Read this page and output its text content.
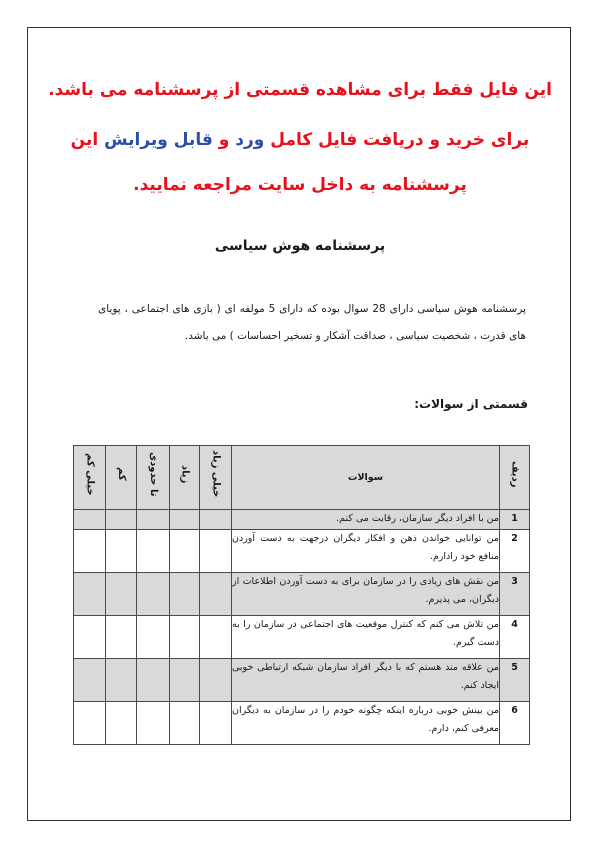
این فایل فقط برای مشاهده قسمتی از پرسشنامه می باشد.
برای خرید و دریافت فایل کامل ورد و قابل ویرایش این
پرسشنامه به داخل سایت مراجعه نمایید.
پرسشنامه هوش سیاسی
پرسشنامه هوش سیاسی دارای 28 سوال بوده که دارای 5 مولفه ای ( بازی های اجتماعی ، پویای های قدرت ، شخصیت سیاسی ، صداقت آشکار و تسخیر احساسات ) می باشد.
قسمتی از سوالات:
ردیف	سوالات	خیلی زیاد	زیاد	تا حدودی	کم	خیلی کم
1	من با افراد دیگر سازمان، رقابت می کنم.					
2	من توانایی خواندن ذهن و افکار دیگران درجهت به دست آوردن منافع خود رادارم.					
3	من نقش های زیادی را در سازمان برای به دست آوردن اطلاعات از دیگران، می پذیرم.					
4	من تلاش می کنم که کنترل موقعیت های اجتماعی در سازمان را به دست گیرم.					
5	من علاقه مند هستم که با دیگر افراد سازمان شبکه ارتباطی خوبی ایجاد کنم.					
6	من بینش خوبی درباره اینکه چگونه خودم را در سازمان به دیگران معرفی کنم، دارم.					
